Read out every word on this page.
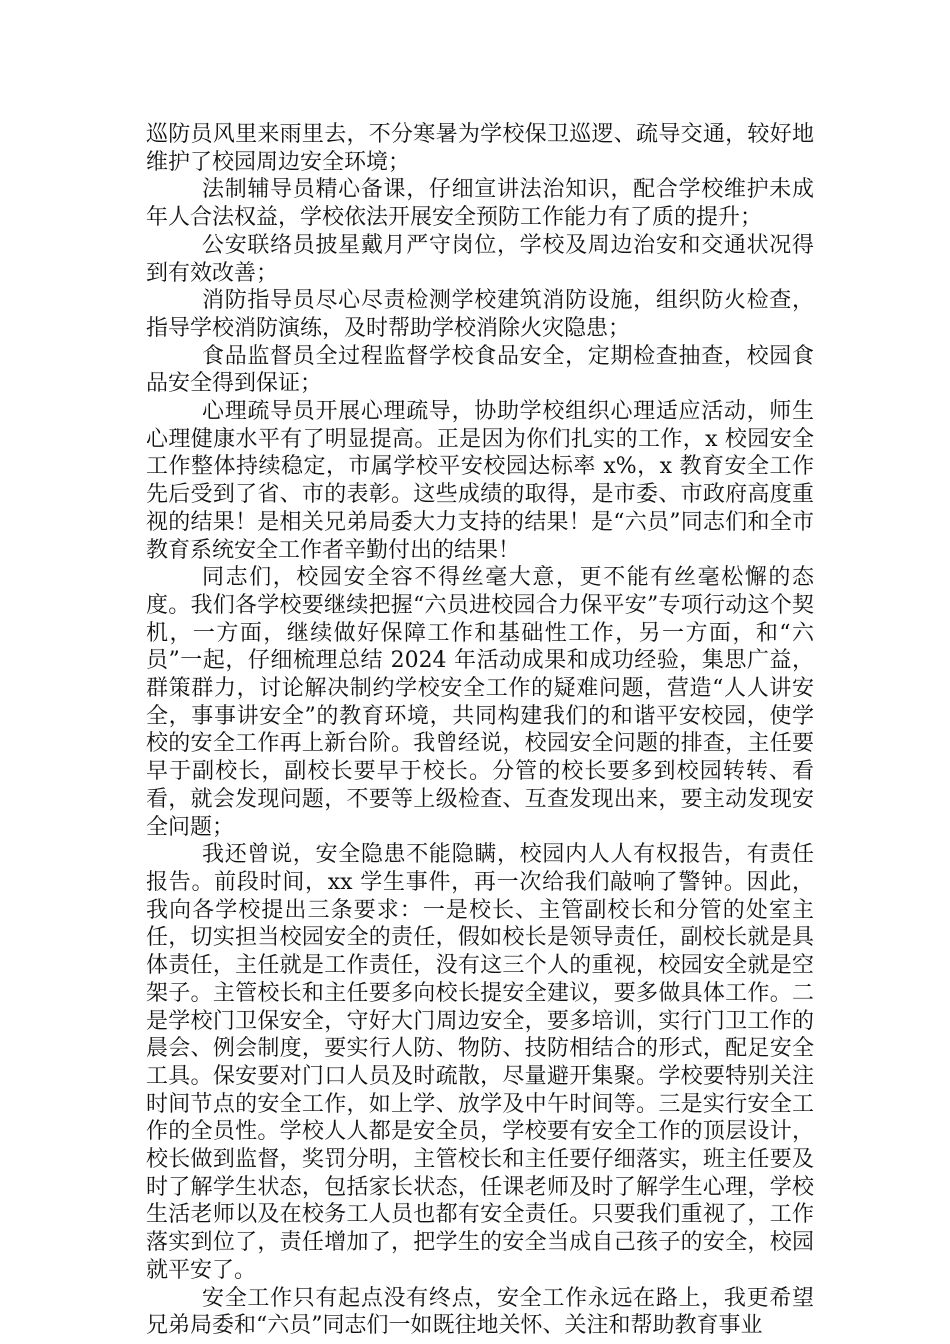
巡防员风里来雨里去，不分寒暑为学校保卫巡逻、疏导交通，较好地维护了校园周边安全环境；

法制辅导员精心备课，仔细宣讲法治知识，配合学校维护未成年人合法权益，学校依法开展安全预防工作能力有了质的提升；

公安联络员披星戴月严守岗位，学校及周边治安和交通状况得到有效改善；

消防指导员尽心尽责检测学校建筑消防设施，组织防火检查，指导学校消防演练，及时帮助学校消除火灾隐患；

食品监督员全过程监督学校食品安全，定期检查抽查，校园食品安全得到保证；

心理疏导员开展心理疏导，协助学校组织心理适应活动，师生心理健康水平有了明显提高。正是因为你们扎实的工作，x 校园安全工作整体持续稳定，市属学校平安校园达标率 x%，x 教育安全工作先后受到了省、市的表彰。这些成绩的取得，是市委、市政府高度重视的结果！是相关兄弟局委大力支持的结果！是“六员”同志们和全市教育系统安全工作者辛勤付出的结果！

同志们，校园安全容不得丝毫大意，更不能有丝毫松懈的态度。我们各学校要继续把握“六员进校园合力保平安”专项行动这个契机，一方面，继续做好保障工作和基础性工作，另一方面，和“六员”一起，仔细梳理总结 2024 年活动成果和成功经验，集思广益，群策群力，讨论解决制约学校安全工作的疑难问题，营造“人人讲安全，事事讲安全”的教育环境，共同构建我们的和谐平安校园，使学校的安全工作再上新台阶。我曾经说，校园安全问题的排查，主任要早于副校长，副校长要早于校长。分管的校长要多到校园转转、看看，就会发现问题，不要等上级检查、互查发现出来，要主动发现安全问题；

我还曾说，安全隐患不能隐瞒，校园内人人有权报告，有责任报告。前段时间，xx 学生事件，再一次给我们敲响了警钟。因此，我向各学校提出三条要求：一是校长、主管副校长和分管的处室主任，切实担当校园安全的责任，假如校长是领导责任，副校长就是具体责任，主任就是工作责任，没有这三个人的重视，校园安全就是空架子。主管校长和主任要多向校长提安全建议，要多做具体工作。二是学校门卫保安全，守好大门周边安全，要多培训，实行门卫工作的晨会、例会制度，要实行人防、物防、技防相结合的形式，配足安全工具。保安要对门口人员及时疏散，尽量避开集聚。学校要特别关注时间节点的安全工作，如上学、放学及中午时间等。三是实行安全工作的全员性。学校人人都是安全员，学校要有安全工作的顶层设计，校长做到监督，奖罚分明，主管校长和主任要仔细落实，班主任要及时了解学生状态，包括家长状态，任课老师及时了解学生心理，学校生活老师以及在校务工人员也都有安全责任。只要我们重视了，工作落实到位了，责任增加了，把学生的安全当成自己孩子的安全，校园就平安了。

安全工作只有起点没有终点，安全工作永远在路上，我更希望兄弟局委和“六员”同志们一如既往地关怀、关注和帮助教育事业
